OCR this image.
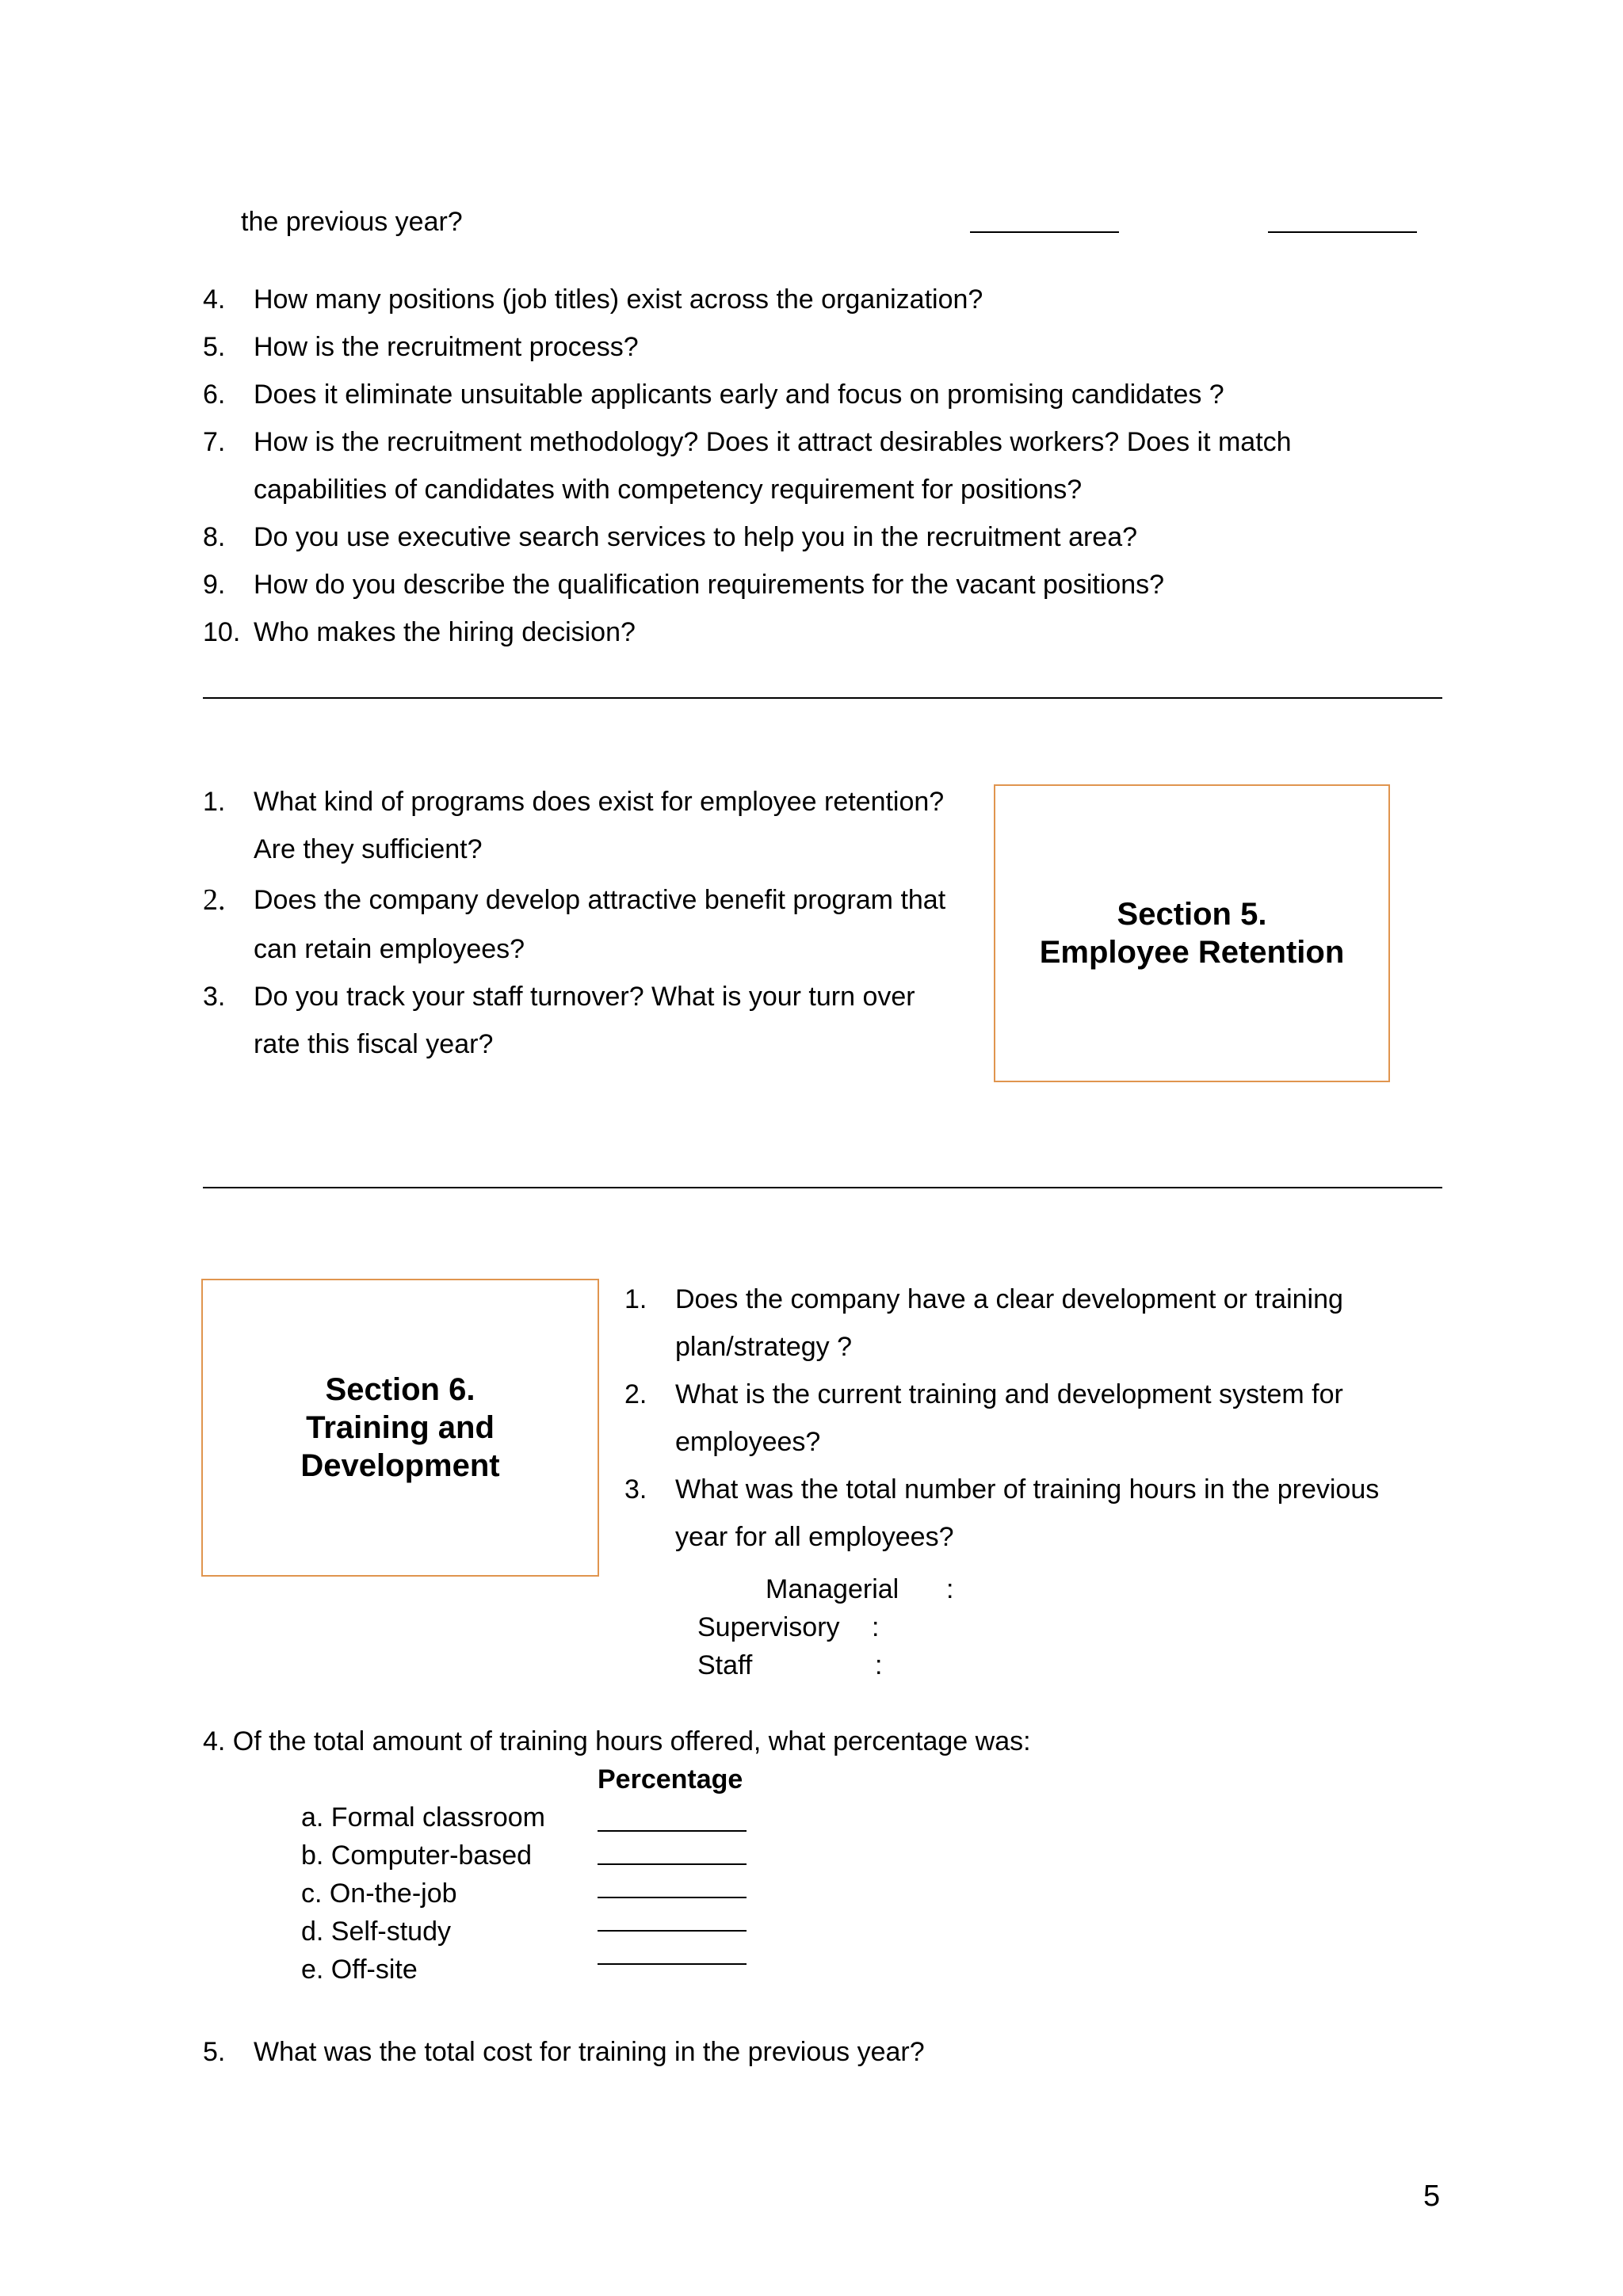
the previous year?
4. How many positions (job titles) exist across the organization?
5. How is the recruitment process?
6. Does it eliminate unsuitable applicants early and focus on promising candidates ?
7. How is the recruitment methodology? Does it attract desirables workers? Does it match
capabilities of candidates with competency requirement for positions?
8. Do you use executive search services to help you in the recruitment area?
9. How do you describe the qualification requirements for the vacant positions?
10. Who makes the hiring decision?
1. What kind of programs does exist for employee retention?
Are they sufficient?
2. Does the company develop attractive benefit program that
can retain employees?
3. Do you track your staff turnover? What is your turn over
rate this fiscal year?
Section 5.
Employee Retention
Section 6.
Training and
Development
1. Does the company have a clear development or training
plan/strategy ?
2. What is the current training and development system for
employees?
3. What was the total number of training hours in the previous
year for all employees?
Managerial :
Supervisory :
Staff	:
4. Of the total amount of training hours offered, what percentage was:
Percentage
a. Formal classroom
b. Computer-based
c. On-the-job
d. Self-study
e. Off-site
5. What was the total cost for training in the previous year?
5
